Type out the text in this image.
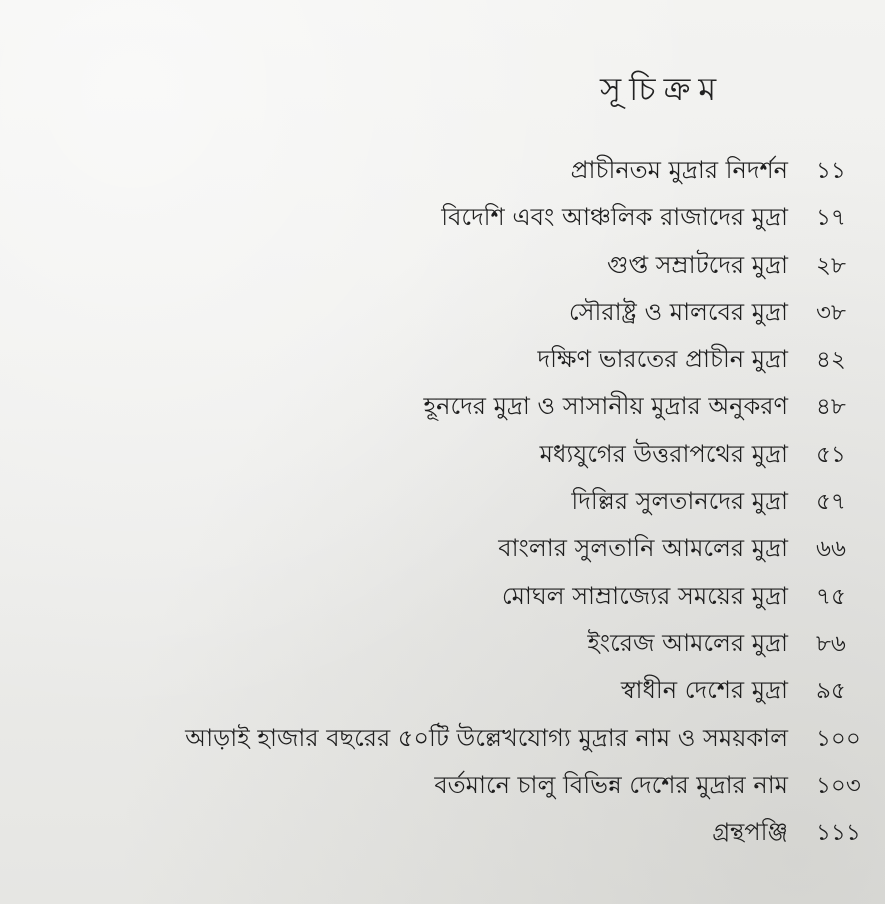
সূচিক্রম
প্রাচীনতম মুদ্রার নিদর্শন	১১
বিদেশি এবং আঞ্চলিক রাজাদের মুদ্রা	১৭
গুপ্ত সম্রাটদের মুদ্রা	২৮
সৌরাষ্ট্র ও মালবের মুদ্রা	৩৮
দক্ষিণ ভারতের প্রাচীন মুদ্রা	৪২
হূনদের মুদ্রা ও সাসানীয় মুদ্রার অনুকরণ	৪৮
মধ্যযুগের উত্তরাপথের মুদ্রা	৫১
দিল্লির সুলতানদের মুদ্রা	৫৭
বাংলার সুলতানি আমলের মুদ্রা	৬৬
মোঘল সাম্রাজ্যের সময়ের মুদ্রা	৭৫
ইংরেজ আমলের মুদ্রা	৮৬
স্বাধীন দেশের মুদ্রা	৯৫
আড়াই হাজার বছরের ৫০টি উল্লেখযোগ্য মুদ্রার নাম ও সময়কাল	১০০
বর্তমানে চালু বিভিন্ন দেশের মুদ্রার নাম	১০৩
গ্রন্থপঞ্জি	১১১
